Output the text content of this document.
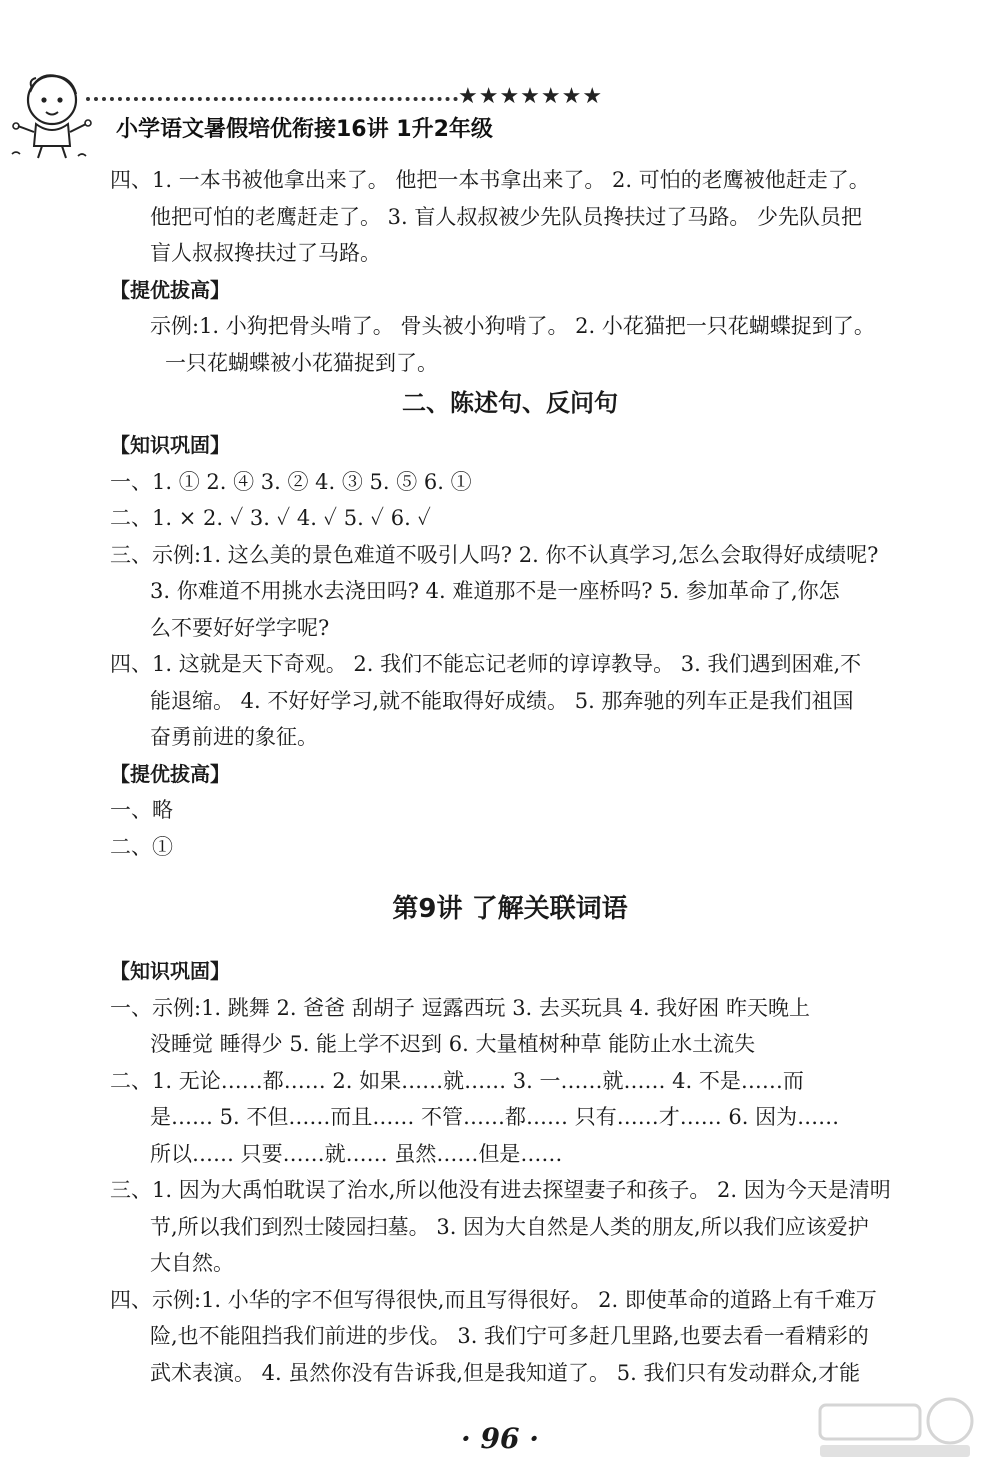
★★★★★★★
小学语文暑假培优衔接16讲 1升2年级

四、1. 一本书被他拿出来了。 他把一本书拿出来了。 2. 可怕的老鹰被他赶走了。

他把可怕的老鹰赶走了。 3. 盲人叔叔被少先队员搀扶过了马路。 少先队员把

盲人叔叔搀扶过了马路。

【提优拔高】

示例:1. 小狗把骨头啃了。 骨头被小狗啃了。 2. 小花猫把一只花蝴蝶捉到了。

一只花蝴蝶被小花猫捉到了。

二、陈述句、反问句

【知识巩固】

一、1. ① 2. ④ 3. ② 4. ③ 5. ⑤ 6. ①

二、1. × 2. ✓ 3. ✓ 4. ✓ 5. ✓ 6. ✓

三、示例:1. 这么美的景色难道不吸引人吗? 2. 你不认真学习,怎么会取得好成绩呢?

3. 你难道不用挑水去浇田吗? 4. 难道那不是一座桥吗? 5. 参加革命了,你怎

么不要好好学字呢?

四、1. 这就是天下奇观。 2. 我们不能忘记老师的谆谆教导。 3. 我们遇到困难,不

能退缩。 4. 不好好学习,就不能取得好成绩。 5. 那奔驰的列车正是我们祖国

奋勇前进的象征。

【提优拔高】

一、略

二、①

第9讲 了解关联词语

【知识巩固】

一、示例:1. 跳舞 2. 爸爸 刮胡子 逗露西玩 3. 去买玩具 4. 我好困 昨天晚上

没睡觉 睡得少 5. 能上学不迟到 6. 大量植树种草 能防止水土流失

二、1. 无论……都…… 2. 如果……就…… 3. 一……就…… 4. 不是……而

是…… 5. 不但……而且…… 不管……都…… 只有……才…… 6. 因为……

所以…… 只要……就…… 虽然……但是……

三、1. 因为大禹怕耽误了治水,所以他没有进去探望妻子和孩子。 2. 因为今天是清明

节,所以我们到烈士陵园扫墓。 3. 因为大自然是人类的朋友,所以我们应该爱护

大自然。

四、示例:1. 小华的字不但写得很快,而且写得很好。 2. 即使革命的道路上有千难万

险,也不能阻挡我们前进的步伐。 3. 我们宁可多赶几里路,也要去看一看精彩的

武术表演。 4. 虽然你没有告诉我,但是我知道了。 5. 我们只有发动群众,才能

· 96 ·
